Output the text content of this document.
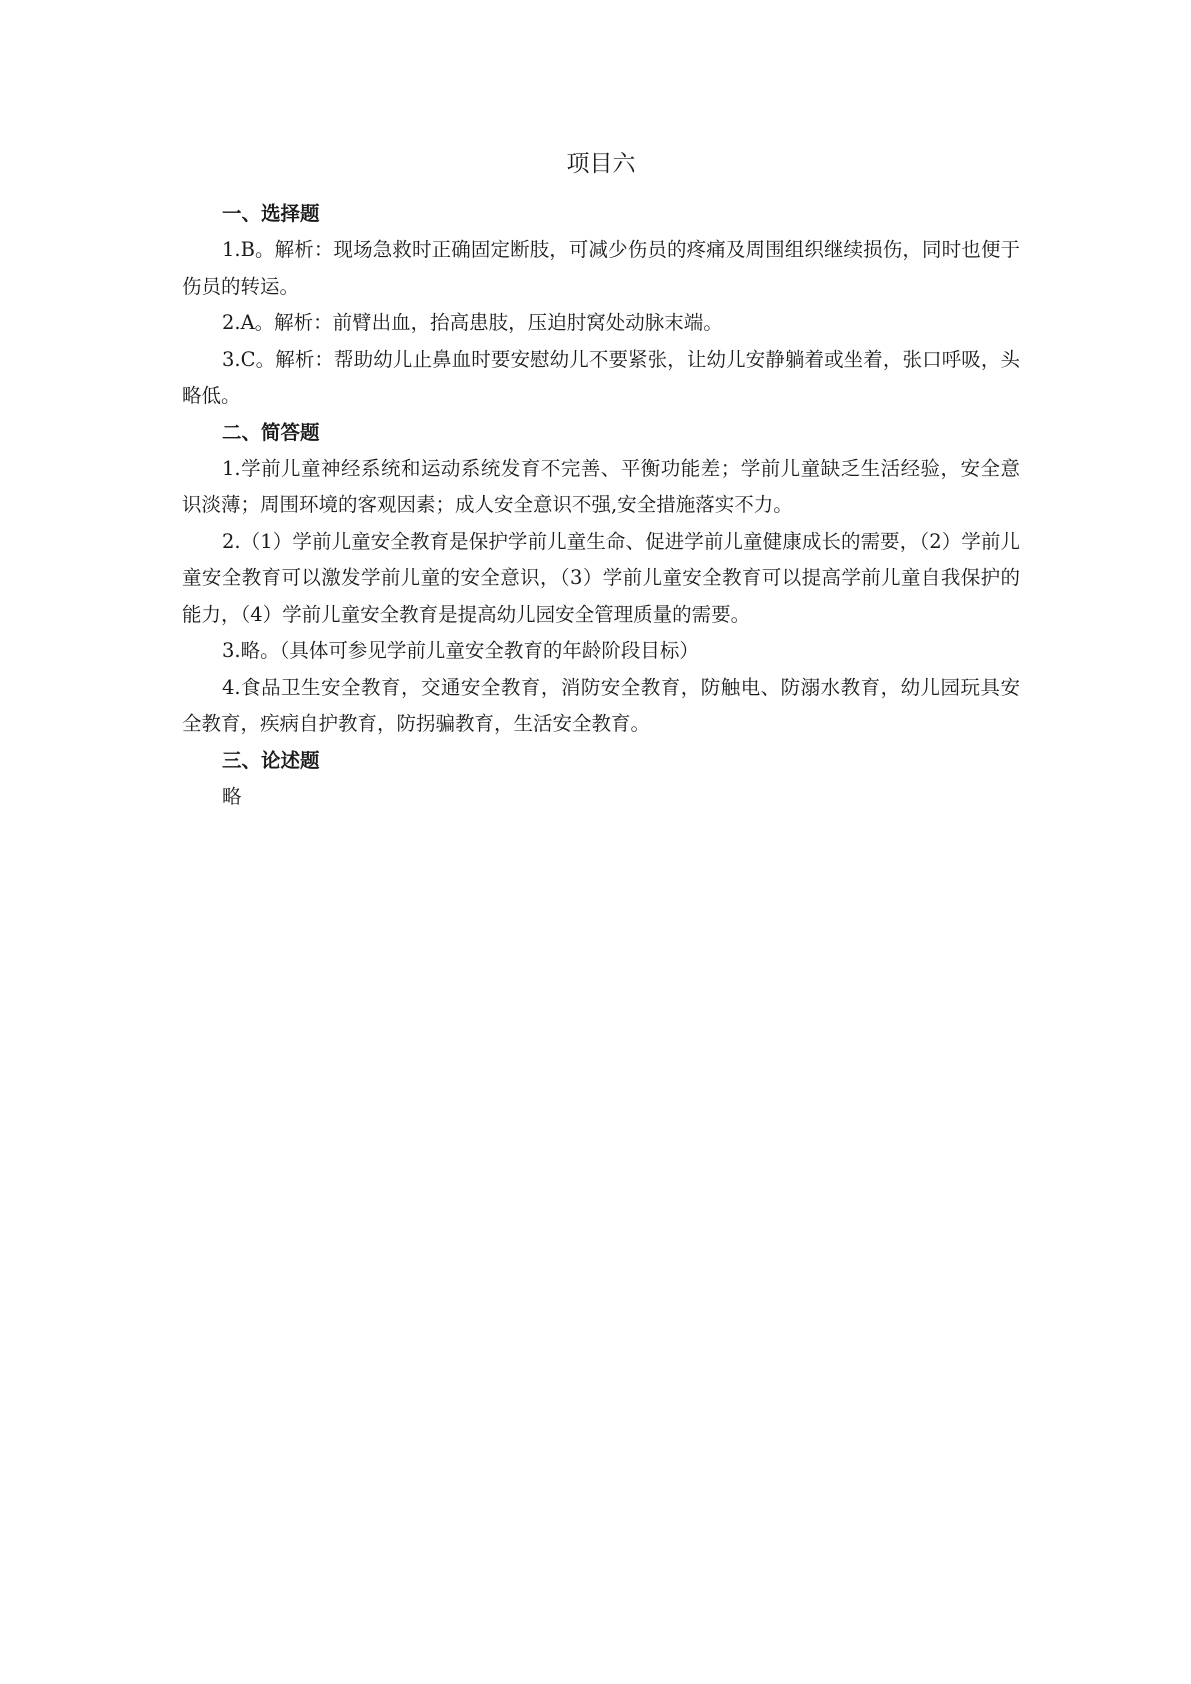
项目六
一、选择题

1.B。解析：现场急救时正确固定断肢，可减少伤员的疼痛及周围组织继续损伤，同时也便于伤员的转运。

2.A。解析：前臂出血，抬高患肢，压迫肘窝处动脉末端。

3.C。解析：帮助幼儿止鼻血时要安慰幼儿不要紧张，让幼儿安静躺着或坐着，张口呼吸，头略低。

二、简答题

1.学前儿童神经系统和运动系统发育不完善、平衡功能差；学前儿童缺乏生活经验，安全意识淡薄；周围环境的客观因素；成人安全意识不强,安全措施落实不力。

2.（1）学前儿童安全教育是保护学前儿童生命、促进学前儿童健康成长的需要，（2）学前儿童安全教育可以激发学前儿童的安全意识，（3）学前儿童安全教育可以提高学前儿童自我保护的能力，（4）学前儿童安全教育是提高幼儿园安全管理质量的需要。

3.略。（具体可参见学前儿童安全教育的年龄阶段目标）

4.食品卫生安全教育，交通安全教育，消防安全教育，防触电、防溺水教育，幼儿园玩具安全教育，疾病自护教育，防拐骗教育，生活安全教育。

三、论述题

略
